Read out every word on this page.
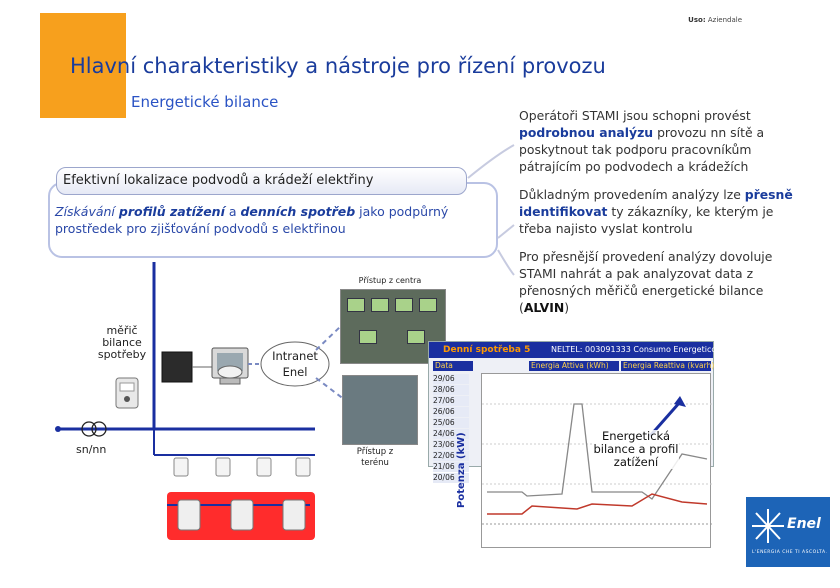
Uso: Aziendale
Hlavní charakteristiky a nástroje pro řízení provozu
Energetické bilance

Operátoři STAMI jsou schopni provést podrobnou analýzu provozu nn sítě a poskytnout tak podporu pracovníkům pátrajícím po podvodech a krádežích

Důkladným provedením analýzy lze přesně identifikovat ty zákazníky, ke kterým je třeba najisto vyslat kontrolu

Pro přesnější provedení analýzy dovoluje STAMI nahrát a pak analyzovat data z přenosných měřičů energetické bilance (ALVIN)

Efektivní lokalizace podvodů a krádeží elektřiny
Získávání profilů zatížení a denních spotřeb jako podpůrný prostředek pro zjišťování podvodů s elektřinou
měřič bilance spotřeby
sn/nn
Intranet Enel
Přístup z centra
Přístup z terénu
Denní spotřeba 5	NELTEL: 003091333 Consumo Energetico
Data	Energia Attiva (kWh)	Energia Reattiva (kvarh)
29/06
28/06
27/06
26/06
25/06
24/06
23/06
22/06
21/06
20/06 Potenza (kW)	Energetická bilance a profil zatížení
Enel
L'ENERGIA CHE TI ASCOLTA.
